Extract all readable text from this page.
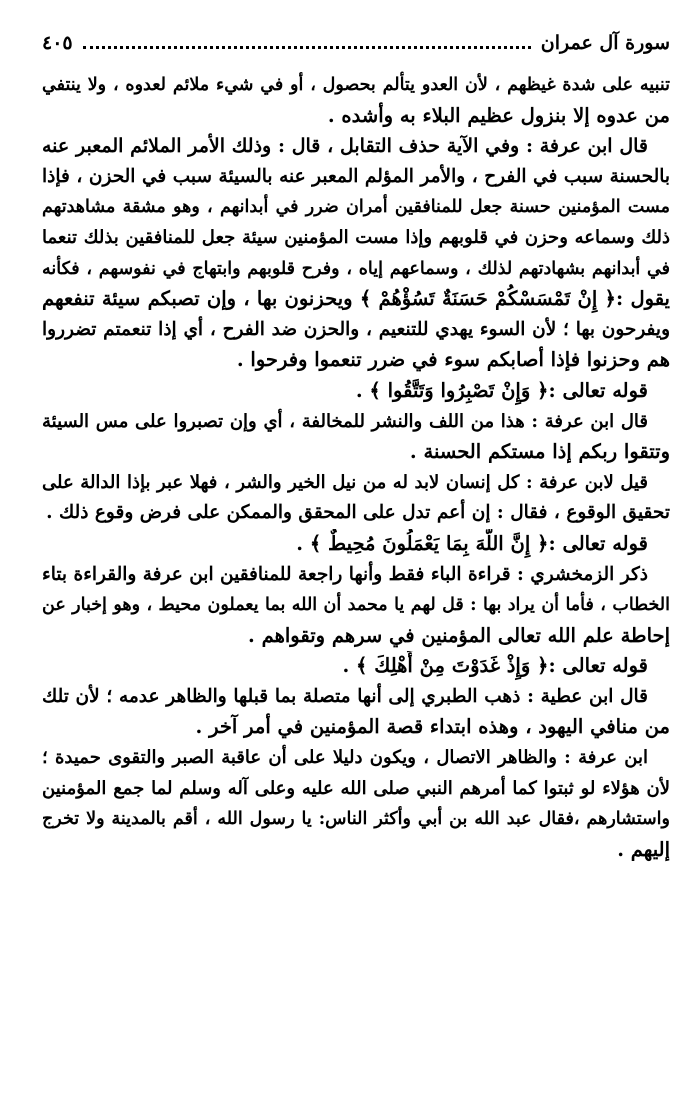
سورة آل عمران
٤٠٥
تنبيه على شدة غيظهم ، لأن العدو يتألم بحصول ، أو في شيء ملائم لعدوه ، ولا ينتفي
من عدوه إلا بنزول عظيم البلاء به وأشده .
قال ابن عرفة : وفي الآية حذف التقابل ، قال : وذلك الأمر الملائم المعبر عنه
بالحسنة سبب في الفرح ، والأمر المؤلم المعبر عنه بالسيئة سبب في الحزن ، فإذا
مست المؤمنين حسنة جعل للمنافقين أمران ضرر في أبدانهم ، وهو مشقة مشاهدتهم
ذلك وسماعه وحزن في قلوبهم وإذا مست المؤمنين سيئة جعل للمنافقين بذلك تنعما
في أبدانهم بشهادتهم لذلك ، وسماعهم إياه ، وفرح قلوبهم وابتهاج في نفوسهم ، فكأنه
يقول :﴿ إِنْ تَمْسَسْكُمْ حَسَنَةٌ تَسُؤْهُمْ ﴾ ويحزنون بها ، وإن تصبكم سيئة تنفعهم
ويفرحون بها ؛ لأن السوء يهدي للتنعيم ، والحزن ضد الفرح ، أي إذا تنعمتم تضرروا
هم وحزنوا فإذا أصابكم سوء في ضرر تنعموا وفرحوا .
قوله تعالى :﴿ وَإِنْ تَصْبِرُوا وَتَتَّقُوا ﴾ .
قال ابن عرفة : هذا من اللف والنشر للمخالفة ، أي وإن تصبروا على مس السيئة
وتتقوا ربكم إذا مستكم الحسنة .
قيل لابن عرفة : كل إنسان لابد له من نيل الخير والشر ، فهلا عبر بإذا الدالة على
تحقيق الوقوع ، فقال : إن أعم تدل على المحقق والممكن على فرض وقوع ذلك .
قوله تعالى :﴿ إِنَّ اللَّهَ بِمَا يَعْمَلُونَ مُحِيطٌ ﴾ .
ذكر الزمخشري : قراءة الباء فقط وأنها راجعة للمنافقين ابن عرفة والقراءة بتاء
الخطاب ، فأما أن يراد بها : قل لهم يا محمد أن الله بما يعملون محيط ، وهو إخبار عن
إحاطة علم الله تعالى المؤمنين في سرهم وتقواهم .
قوله تعالى :﴿ وَإِذْ غَدَوْتَ مِنْ أَهْلِكَ ﴾ .
قال ابن عطية : ذهب الطبري إلى أنها متصلة بما قبلها والظاهر عدمه ؛ لأن تلك
من منافي اليهود ، وهذه ابتداء قصة المؤمنين في أمر آخر .
ابن عرفة : والظاهر الاتصال ، ويكون دليلا على أن عاقبة الصبر والتقوى حميدة ؛
لأن هؤلاء لو ثبتوا كما أمرهم النبي صلى الله عليه وعلى آله وسلم لما جمع المؤمنين
واستشارهم ،فقال عبد الله بن أبي وأكثر الناس: يا رسول الله ، أقم بالمدينة ولا تخرج
إليهم .
